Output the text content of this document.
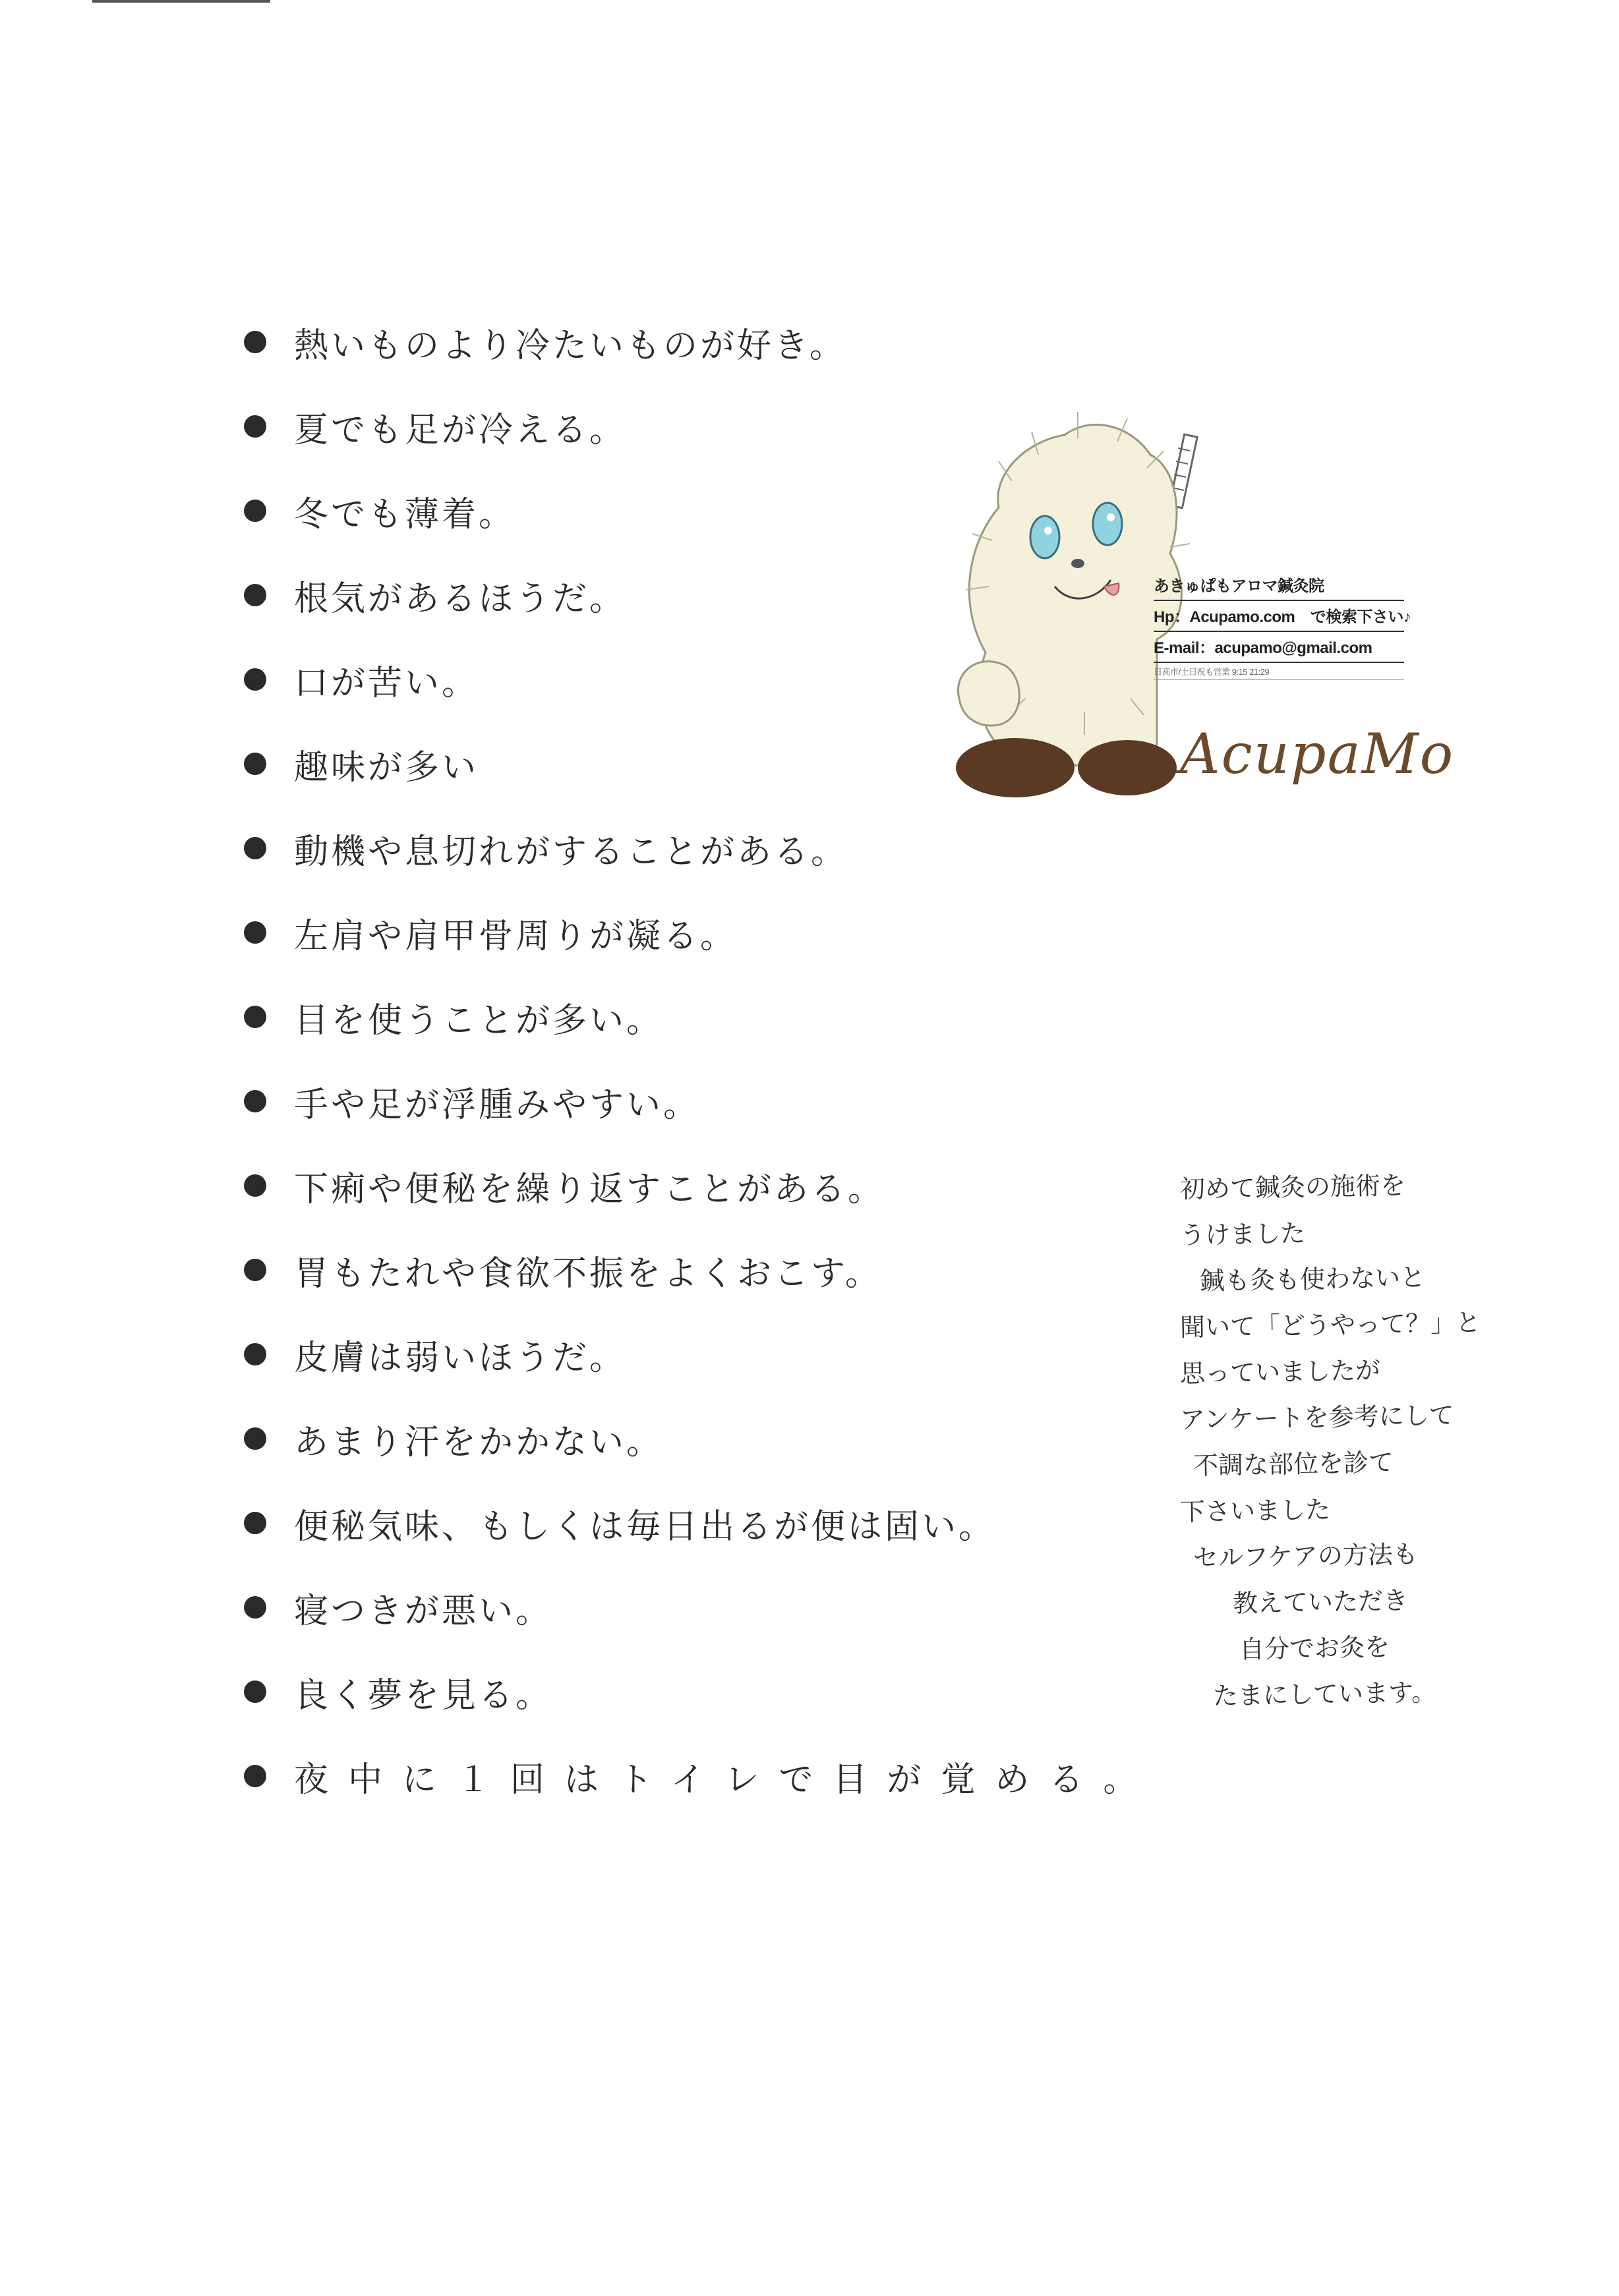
熱いものより冷たいものが好き。
夏でも足が冷える。
冬でも薄着。
根気があるほうだ。
口が苦い。
趣味が多い
動機や息切れがすることがある。
左肩や肩甲骨周りが凝る。
目を使うことが多い。
手や足が浮腫みやすい。
下痢や便秘を繰り返すことがある。
胃もたれや食欲不振をよくおこす。
皮膚は弱いほうだ。
あまり汗をかかない。
便秘気味、もしくは毎日出るが便は固い。
寝つきが悪い。
良く夢を見る。
夜中に１回はトイレで目が覚める。
あきゅぱもアロマ鍼灸院
Hp：Acupamo.com　で検索下さい♪
E-mail：acupamo@gmail.com
日高市/土日祝も営業 9:15 21:29
AcupaMo
初めて鍼灸の施術を
うけました
鍼も灸も使わないと
聞いて「どうやって？」と
思っていましたが
アンケートを参考にして
不調な部位を診て
下さいました
セルフケアの方法も
教えていただき
自分でお灸を
たまにしています。
